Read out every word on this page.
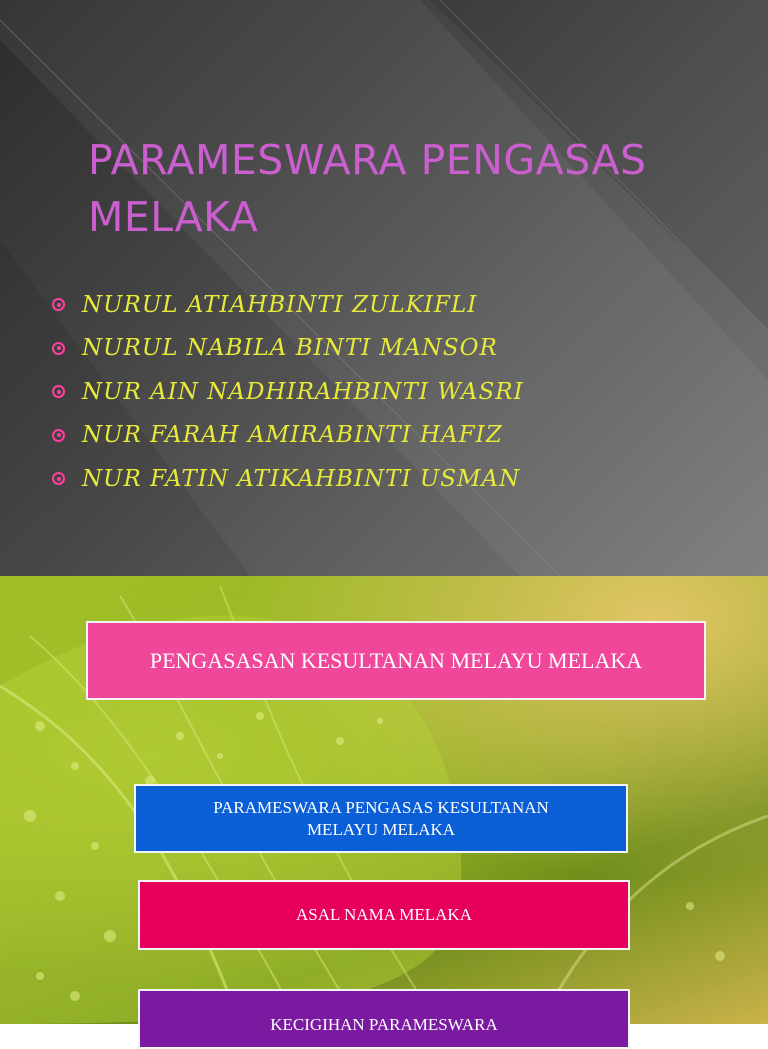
PARAMESWARA PENGASAS
MELAKA
NURUL ATIAHBINTI ZULKIFLI
NURUL NABILA BINTI MANSOR
NUR AIN NADHIRAHBINTI WASRI
NUR FARAH AMIRABINTI HAFIZ
NUR FATIN ATIKAHBINTI USMAN
PENGASASAN KESULTANAN MELAYU MELAKA
PARAMESWARA PENGASAS KESULTANAN
MELAYU MELAKA
ASAL NAMA MELAKA
KECIGIHAN PARAMESWARA
